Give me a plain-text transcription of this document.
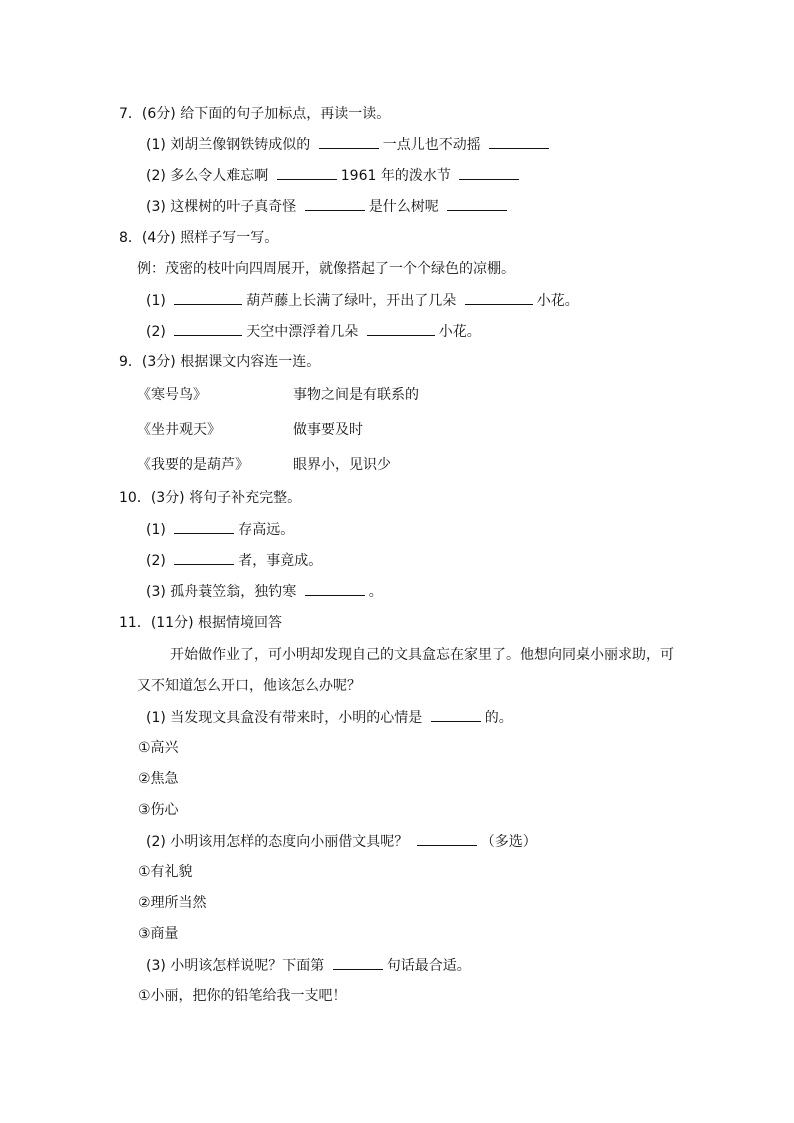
7．(6分) 给下面的句子加标点，再读一读。
(1) 刘胡兰像钢铁铸成似的	一点儿也不动摇
(2) 多么令人难忘啊	1961 年的泼水节
(3) 这棵树的叶子真奇怪	是什么树呢
8．(4分) 照样子写一写。
例：茂密的枝叶向四周展开，就像搭起了一个个绿色的凉棚。
(1)	葫芦藤上长满了绿叶，开出了几朵	小花。
(2)	天空中漂浮着几朵	小花。
9．(3分) 根据课文内容连一连。
《寒号鸟》	事物之间是有联系的
《坐井观天》	做事要及时
《我要的是葫芦》	眼界小，见识少
10．(3分) 将句子补充完整。
(1)	存高远。
(2)	者，事竟成。
(3) 孤舟蓑笠翁，独钓寒	。
11．(11分) 根据情境回答
开始做作业了，可小明却发现自己的文具盒忘在家里了。他想向同桌小丽求助，可
又不知道怎么开口，他该怎么办呢？
(1) 当发现文具盒没有带来时，小明的心情是	的。
①高兴
②焦急
③伤心
(2) 小明该用怎样的态度向小丽借文具呢？	（多选）
①有礼貌
②理所当然
③商量
(3) 小明该怎样说呢？下面第	句话最合适。
①小丽，把你的铅笔给我一支吧！
